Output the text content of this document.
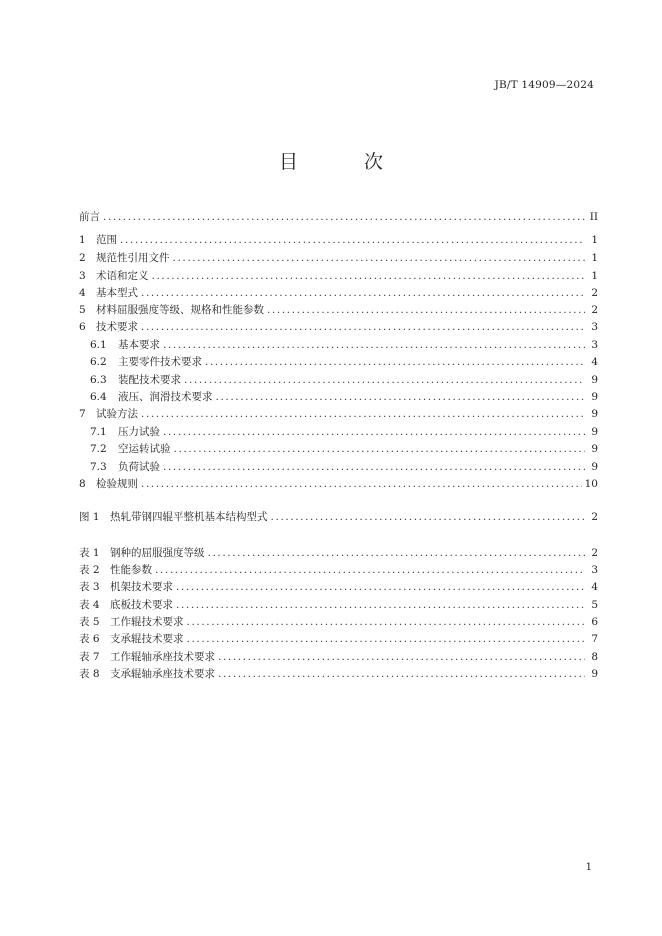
JB/T 14909—2024
目	次
前言 .....	II
1 范围 .....	1
2 规范性引用文件 .....	1
3 术语和定义 .....	1
4 基本型式 .....	2
5 材料屈服强度等级、规格和性能参数 .....	2
6 技术要求 .....	3
6.1 基本要求 .....	3
6.2 主要零件技术要求 .....	4
6.3 装配技术要求 .....	9
6.4 液压、润滑技术要求 .....	9
7 试验方法 .....	9
7.1 压力试验 .....	9
7.2 空运转试验 .....	9
7.3 负荷试验 .....	9
8 检验规则 .....	10
图 1 热轧带钢四辊平整机基本结构型式 .....	2
表 1 钢种的屈服强度等级 .....	2
表 2 性能参数 .....	3
表 3 机架技术要求 .....	4
表 4 底板技术要求 .....	5
表 5 工作辊技术要求 .....	6
表 6 支承辊技术要求 .....	7
表 7 工作辊轴承座技术要求 .....	8
表 8 支承辊轴承座技术要求 .....	9
1
